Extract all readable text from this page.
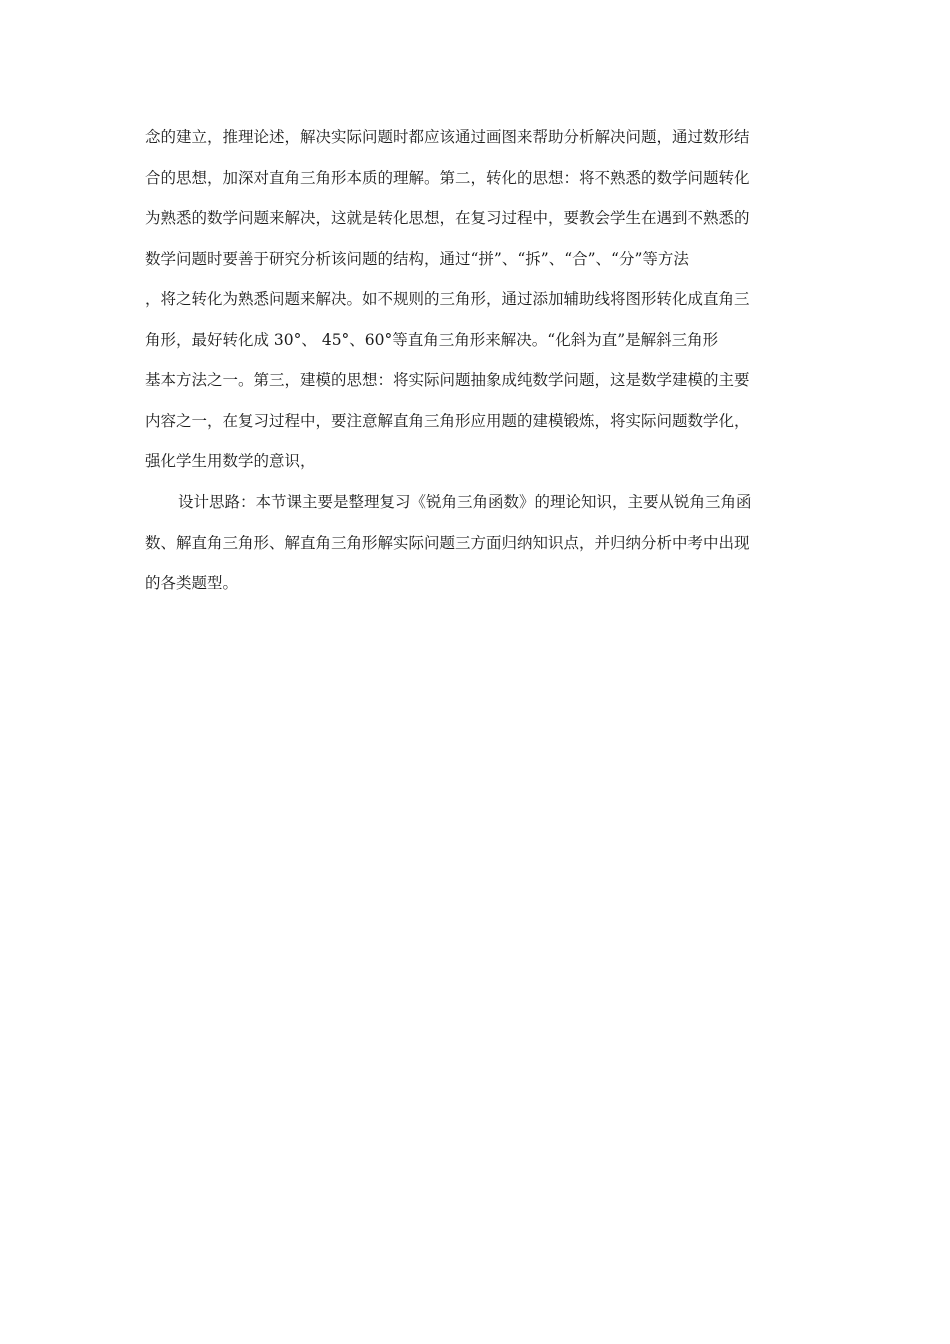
念的建立，推理论述，解决实际问题时都应该通过画图来帮助分析解决问题，通过数形结
合的思想，加深对直角三角形本质的理解。第二，转化的思想：将不熟悉的数学问题转化
为熟悉的数学问题来解决，这就是转化思想，在复习过程中，要教会学生在遇到不熟悉的
数学问题时要善于研究分析该问题的结构，通过“拼”、“拆”、“合”、“分”等方法
，将之转化为熟悉问题来解决。如不规则的三角形，通过添加辅助线将图形转化成直角三
角形，最好转化成 30°、 45°、60°等直角三角形来解决。“化斜为直”是解斜三角形
基本方法之一。第三，建模的思想：将实际问题抽象成纯数学问题，这是数学建模的主要
内容之一，在复习过程中，要注意解直角三角形应用题的建模锻炼，将实际问题数学化，
强化学生用数学的意识，
设计思路：本节课主要是整理复习《锐角三角函数》的理论知识，主要从锐角三角函
数、解直角三角形、解直角三角形解实际问题三方面归纳知识点，并归纳分析中考中出现
的各类题型。
